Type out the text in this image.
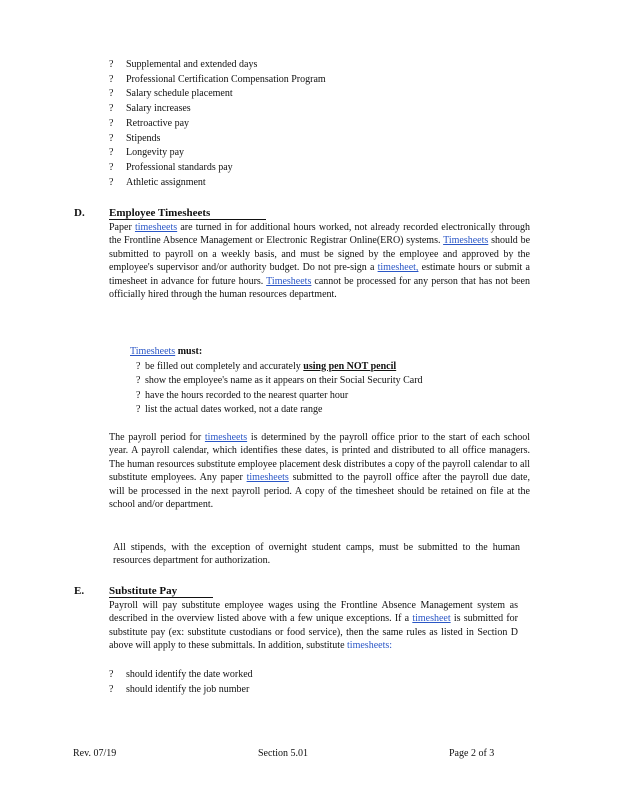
?	Supplemental and extended days
?	Professional Certification Compensation Program
?	Salary schedule placement
?	Salary increases
?	Retroactive pay
?	Stipends
?	Longevity pay
?	Professional standards pay
?	Athletic assignment
D. Employee Timesheets
Paper timesheets are turned in for additional hours worked, not already recorded electronically through the Frontline Absence Management or Electronic Registrar Online(ERO) systems. Timesheets should be submitted to payroll on a weekly basis, and must be signed by the employee and approved by the employee's supervisor and/or authority budget. Do not pre-sign a timesheet, estimate hours or submit a timesheet in advance for future hours. Timesheets cannot be processed for any person that has not been officially hired through the human resources department.
Timesheets must:
? be filled out completely and accurately using pen NOT pencil
? show the employee's name as it appears on their Social Security Card
? have the hours recorded to the nearest quarter hour
? list the actual dates worked, not a date range
The payroll period for timesheets is determined by the payroll office prior to the start of each school year. A payroll calendar, which identifies these dates, is printed and distributed to all office managers. The human resources substitute employee placement desk distributes a copy of the payroll calendar to all substitute employees. Any paper timesheets submitted to the payroll office after the payroll due date, will be processed in the next payroll period. A copy of the timesheet should be retained on file at the school and/or department.
All stipends, with the exception of overnight student camps, must be submitted to the human resources department for authorization.
E. Substitute Pay
Payroll will pay substitute employee wages using the Frontline Absence Management system as described in the overview listed above with a few unique exceptions. If a timesheet is submitted for substitute pay (ex: substitute custodians or food service), then the same rules as listed in Section D above will apply to these submittals. In addition, substitute timesheets:
?	should identify the date worked
?	should identify the job number
Rev. 07/19	Section 5.01	Page 2 of 3
